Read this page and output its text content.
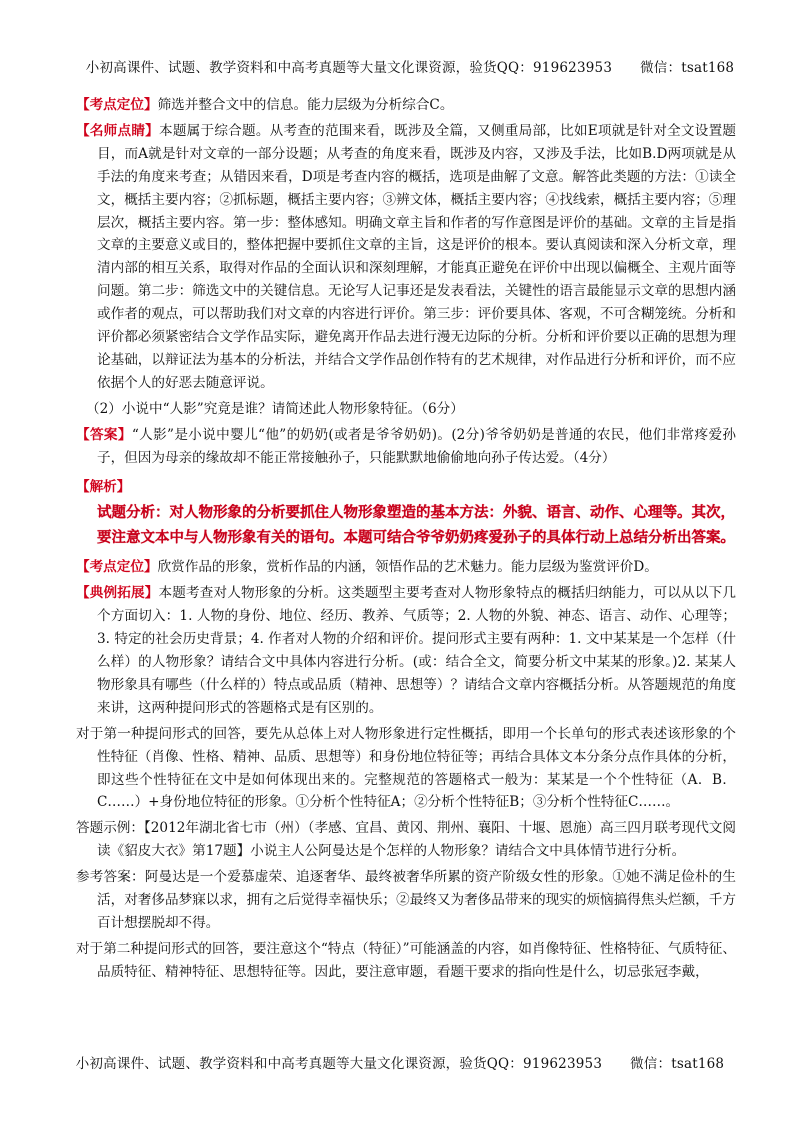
小初高课件、试题、教学资料和中高考真题等大量文化课资源，验货QQ：919623953 微信：tsat168

【考点定位】筛选并整合文中的信息。能力层级为分析综合C。

【名师点睛】本题属于综合题。从考查的范围来看，既涉及全篇，又侧重局部，比如E项就是针对全文设置题目，而A就是针对文章的一部分设题；从考查的角度来看，既涉及内容，又涉及手法，比如B.D两项就是从手法的角度来考查；从错因来看，D项是考查内容的概括，选项是曲解了文意。解答此类题的方法：①读全文，概括主要内容；②抓标题，概括主要内容；③辨文体，概括主要内容；④找线索，概括主要内容；⑤理层次，概括主要内容。第一步：整体感知。明确文章主旨和作者的写作意图是评价的基础。文章的主旨是指文章的主要意义或目的，整体把握中要抓住文章的主旨，这是评价的根本。要认真阅读和深入分析文章，理清内部的相互关系，取得对作品的全面认识和深刻理解，才能真正避免在评价中出现以偏概全、主观片面等问题。第二步：筛选文中的关键信息。无论写人记事还是发表看法，关键性的语言最能显示文章的思想内涵或作者的观点，可以帮助我们对文章的内容进行评价。第三步：评价要具体、客观，不可含糊笼统。分析和评价都必须紧密结合文学作品实际，避免离开作品去进行漫无边际的分析。分析和评价要以正确的思想为理论基础，以辩证法为基本的分析法，并结合文学作品创作特有的艺术规律，对作品进行分析和评价，而不应依据个人的好恶去随意评说。

（2）小说中“人影”究竟是谁？请简述此人物形象特征。（6分）

【答案】“人影”是小说中婴儿“他”的奶奶(或者是爷爷奶奶)。(2分)爷爷奶奶是普通的农民，他们非常疼爱孙子，但因为母亲的缘故却不能正常接触孙子，只能默默地偷偷地向孙子传达爱。（4分）

【解析】

试题分析：对人物形象的分析要抓住人物形象塑造的基本方法：外貌、语言、动作、心理等。其次，要注意文本中与人物形象有关的语句。本题可结合爷爷奶奶疼爱孙子的具体行动上总结分析出答案。

【考点定位】欣赏作品的形象，赏析作品的内涵，领悟作品的艺术魅力。能力层级为鉴赏评价D。

【典例拓展】本题考查对人物形象的分析。这类题型主要考查对人物形象特点的概括归纳能力，可以从以下几个方面切入：1. 人物的身份、地位、经历、教养、气质等；2. 人物的外貌、神态、语言、动作、心理等；3. 特定的社会历史背景；4. 作者对人物的介绍和评价。提问形式主要有两种：1. 文中某某是一个怎样（什么样）的人物形象？请结合文中具体内容进行分析。(或：结合全文，简要分析文中某某的形象。)2. 某某人物形象具有哪些（什么样的）特点或品质（精神、思想等）？请结合文章内容概括分析。从答题规范的角度来讲，这两种提问形式的答题格式是有区别的。

对于第一种提问形式的回答，要先从总体上对人物形象进行定性概括，即用一个长单句的形式表述该形象的个性特征（肖像、性格、精神、品质、思想等）和身份地位特征等；再结合具体文本分条分点作具体的分析，即这些个性特征在文中是如何体现出来的。完整规范的答题格式一般为：某某是一个个性特征（A．B．C……）+身份地位特征的形象。①分析个性特征A；②分析个性特征B；③分析个性特征C……。

答题示例：【2012年湖北省七市（州）（孝感、宜昌、黄冈、荆州、襄阳、十堰、恩施）高三四月联考现代文阅读《貂皮大衣》第17题】小说主人公阿曼达是个怎样的人物形象？请结合文中具体情节进行分析。

参考答案：阿曼达是一个爱慕虚荣、追逐奢华、最终被奢华所累的资产阶级女性的形象。①她不满足俭朴的生活，对奢侈品梦寐以求，拥有之后觉得幸福快乐；②最终又为奢侈品带来的现实的烦恼搞得焦头烂额，千方百计想摆脱却不得。

对于第二种提问形式的回答，要注意这个“特点（特征）”可能涵盖的内容，如肖像特征、性格特征、气质特征、品质特征、精神特征、思想特征等。因此，要注意审题，看题干要求的指向性是什么，切忌张冠李戴，

小初高课件、试题、教学资料和中高考真题等大量文化课资源，验货QQ：919623953 微信：tsat168
